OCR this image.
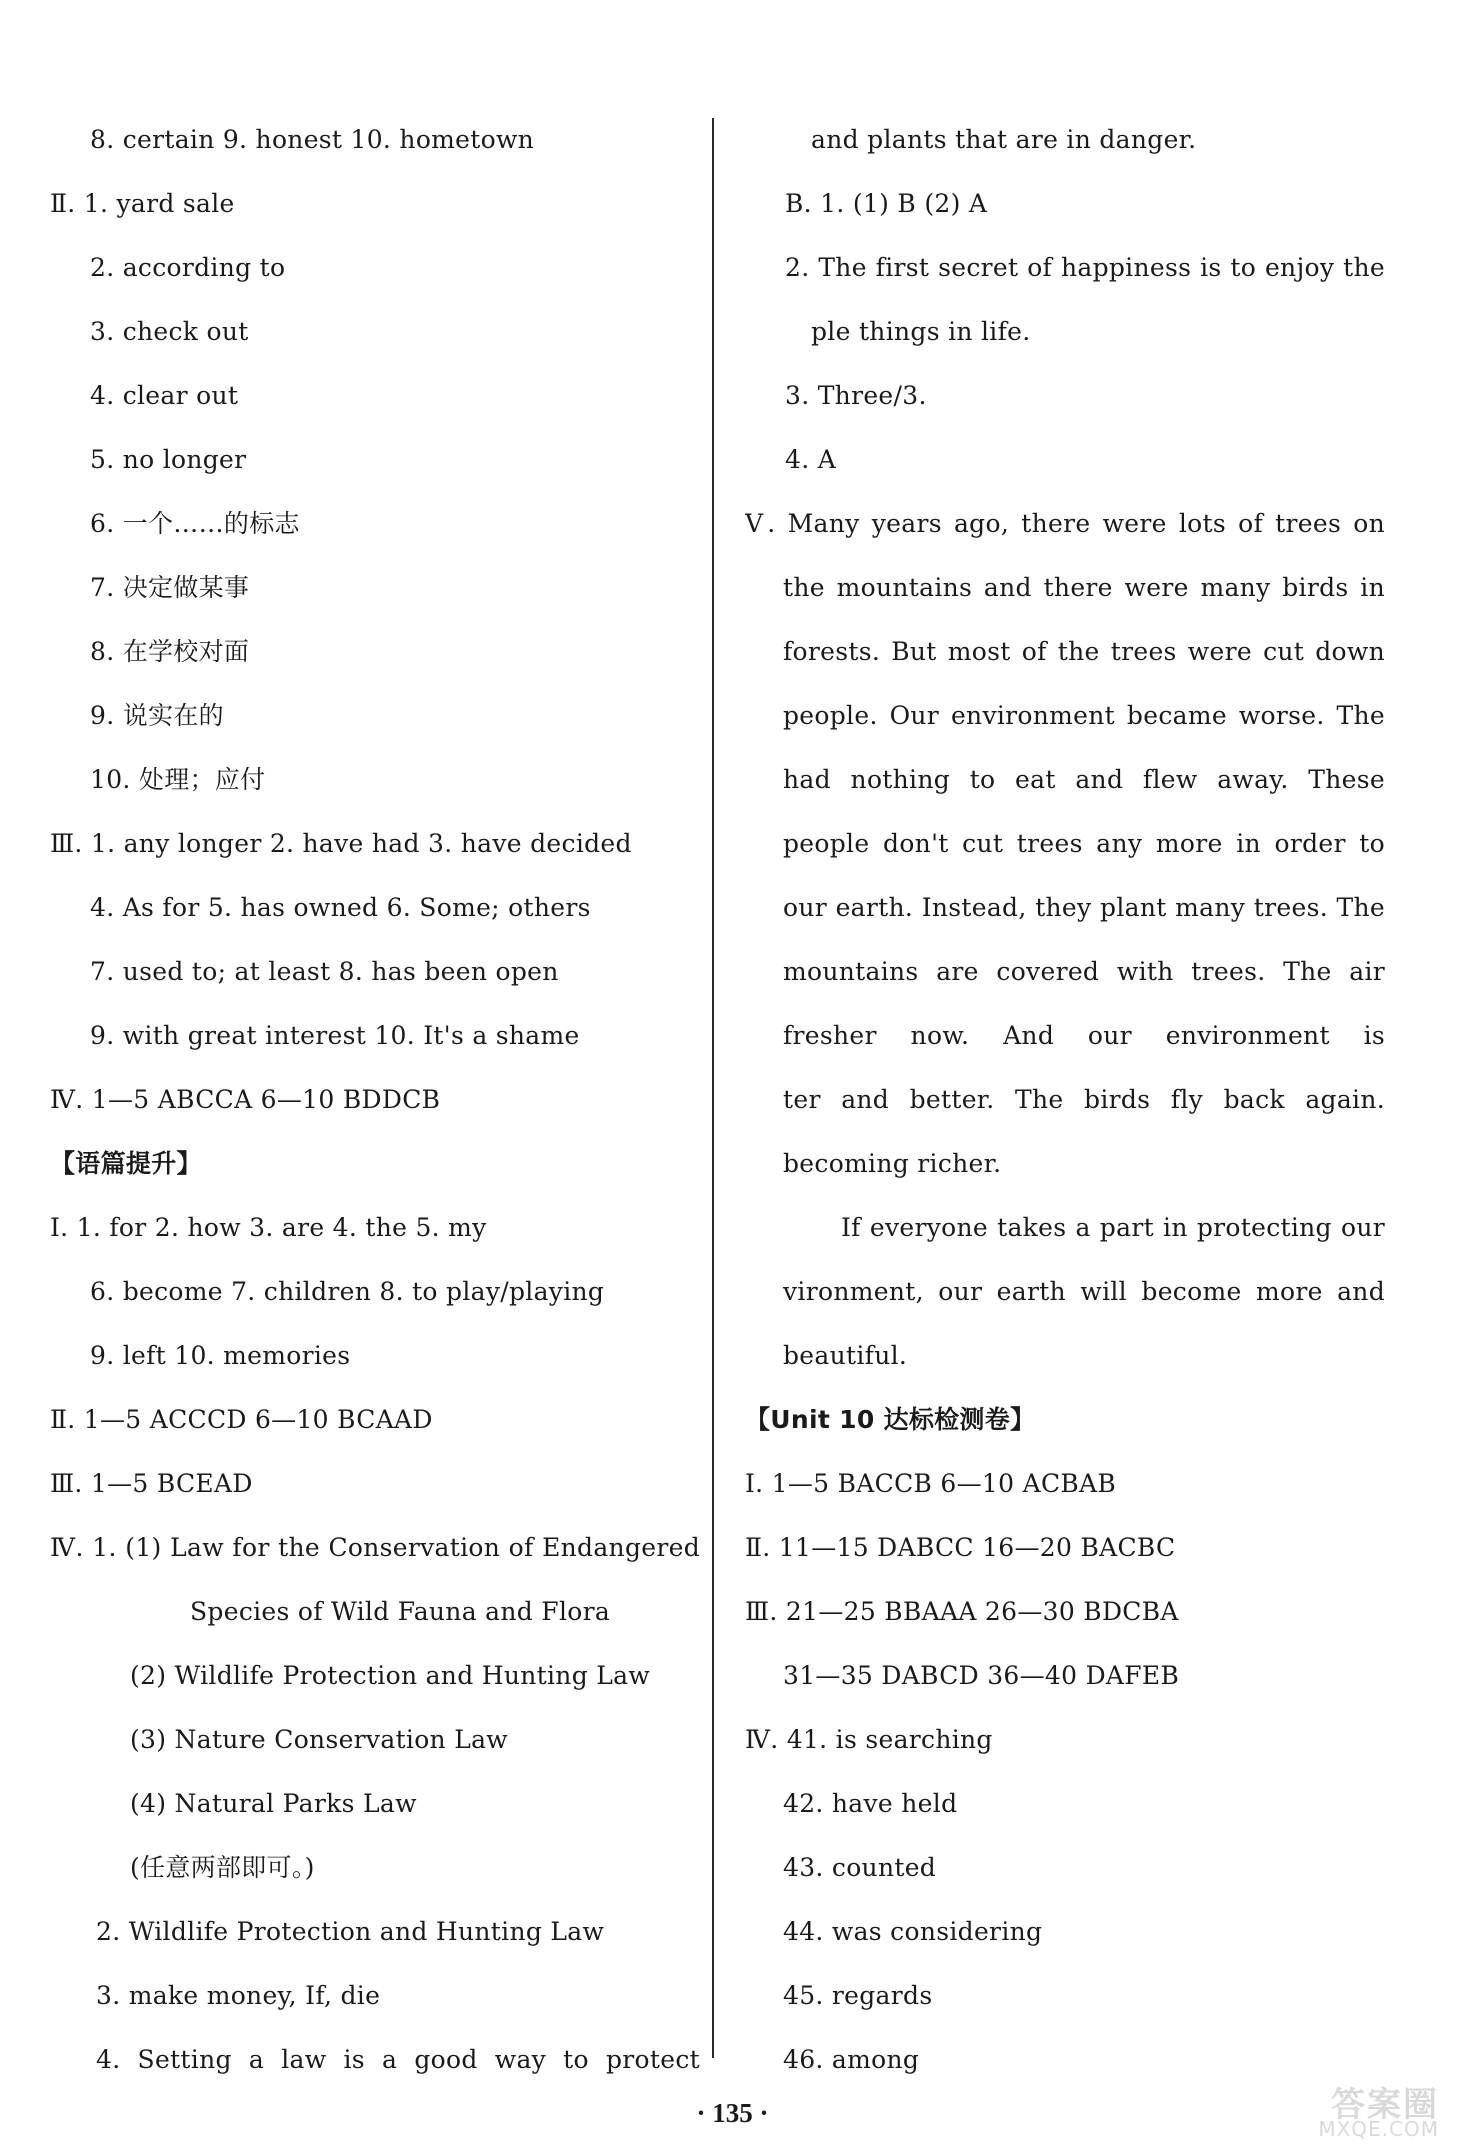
8. certain 9. honest 10. hometown
Ⅱ. 1. yard sale
2. according to
3. check out
4. clear out
5. no longer
6. 一个……的标志
7. 决定做某事
8. 在学校对面
9. 说实在的
10. 处理；应付
Ⅲ. 1. any longer 2. have had 3. have decided
4. As for 5. has owned 6. Some; others
7. used to; at least 8. has been open
9. with great interest 10. It's a shame
Ⅳ. 1—5 ABCCA 6—10 BDDCB
【语篇提升】
Ⅰ. 1. for 2. how 3. are 4. the 5. my
6. become 7. children 8. to play/playing
9. left 10. memories
Ⅱ. 1—5 ACCCD 6—10 BCAAD
Ⅲ. 1—5 BCEAD
Ⅳ. 1. (1) Law for the Conservation of Endangered
Species of Wild Fauna and Flora
(2) Wildlife Protection and Hunting Law
(3) Nature Conservation Law
(4) Natural Parks Law
(任意两部即可。)
2. Wildlife Protection and Hunting Law
3. make money, If, die
4. Setting a law is a good way to protect
and plants that are in danger.
B. 1. (1) B (2) A
2. The first secret of happiness is to enjoy the
ple things in life.
3. Three/3.
4. A
Ⅴ. Many years ago, there were lots of trees on
the mountains and there were many birds in
forests. But most of the trees were cut down
people. Our environment became worse. The
had nothing to eat and flew away. These
people don't cut trees any more in order to
our earth. Instead, they plant many trees. The
mountains are covered with trees. The air
fresher now. And our environment is
ter and better. The birds fly back again.
becoming richer.
If everyone takes a part in protecting our
vironment, our earth will become more and
beautiful.
【Unit 10 达标检测卷】
Ⅰ. 1—5 BACCB 6—10 ACBAB
Ⅱ. 11—15 DABCC 16—20 BACBC
Ⅲ. 21—25 BBAAA 26—30 BDCBA
31—35 DABCD 36—40 DAFEB
Ⅳ. 41. is searching
42. have held
43. counted
44. was considering
45. regards
46. among
· 135 ·	答案圈
MXQE.COM
